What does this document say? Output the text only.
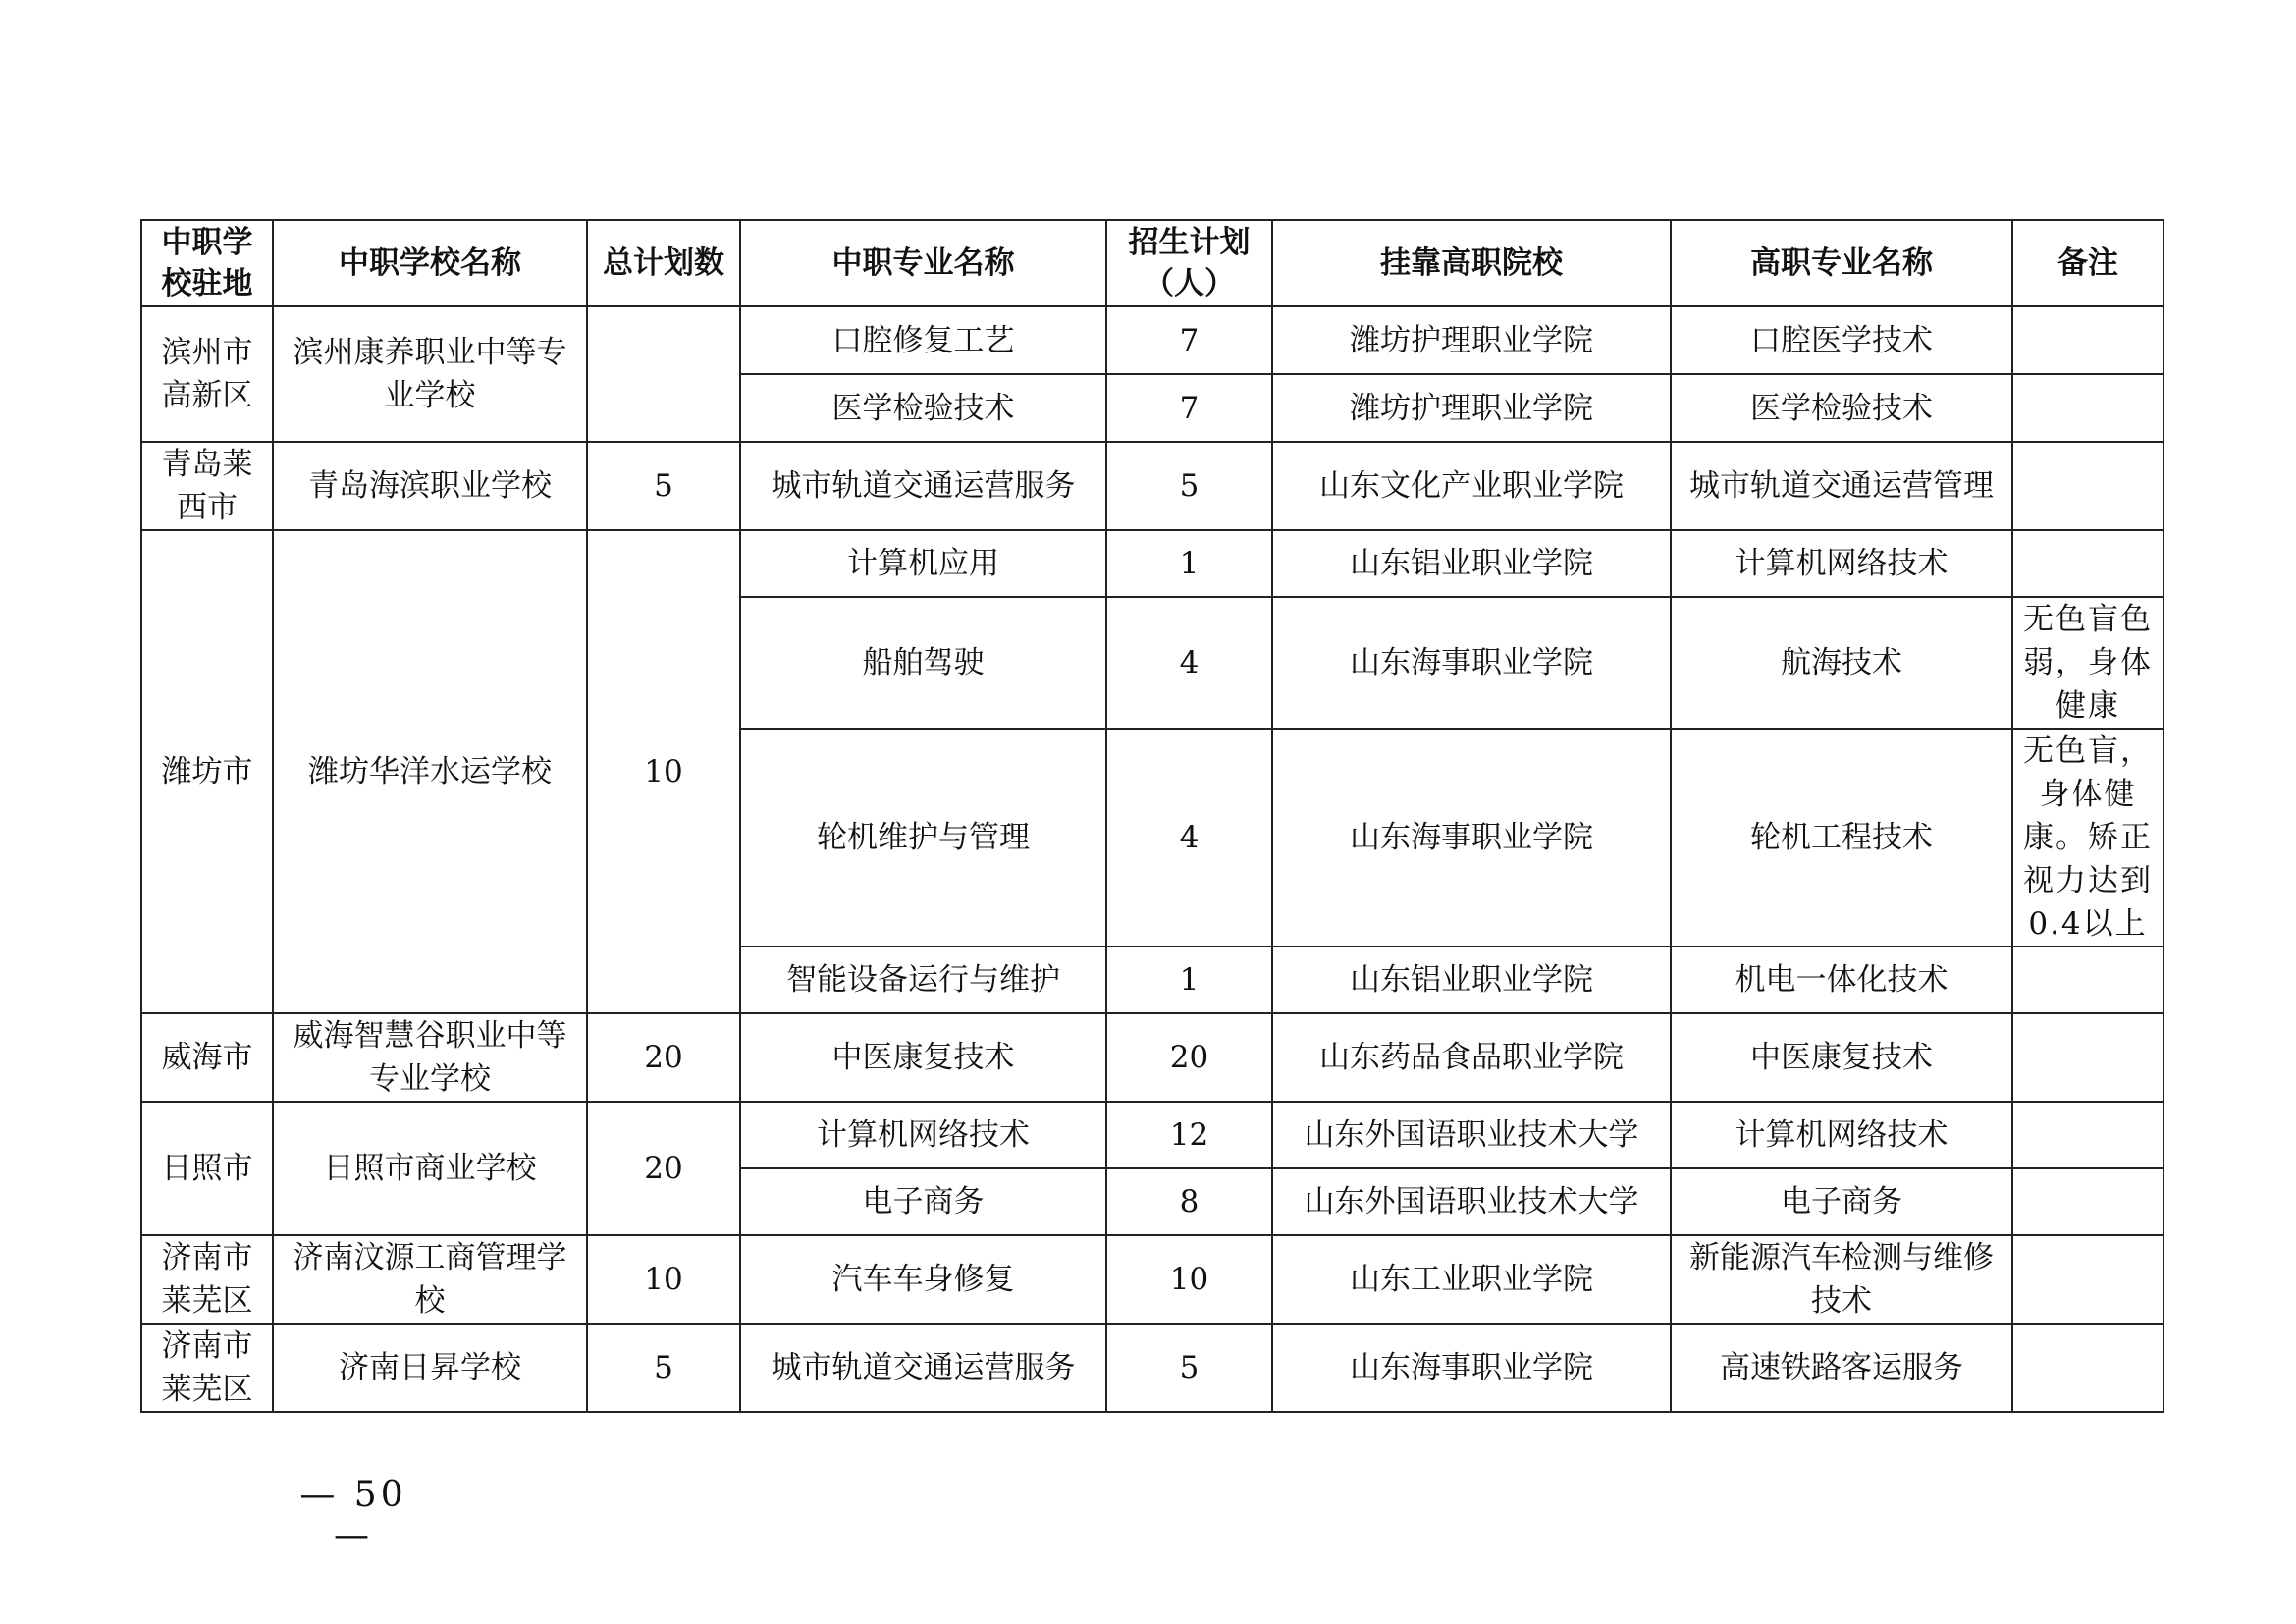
中职学校驻地	中职学校名称	总计划数	中职专业名称	招生计划（人）	挂靠高职院校	高职专业名称	备注
滨州市高新区	滨州康养职业中等专业学校		口腔修复工艺	7	潍坊护理职业学院	口腔医学技术	
			医学检验技术	7	潍坊护理职业学院	医学检验技术	
青岛莱西市	青岛海滨职业学校	5	城市轨道交通运营服务	5	山东文化产业职业学院	城市轨道交通运营管理	
潍坊市	潍坊华洋水运学校	10	计算机应用	1	山东铝业职业学院	计算机网络技术	
			船舶驾驶	4	山东海事职业学院	航海技术	无色盲色弱，身体健康
			轮机维护与管理	4	山东海事职业学院	轮机工程技术	无色盲，身体健康。矫正视力达到0.4以上
			智能设备运行与维护	1	山东铝业职业学院	机电一体化技术	
威海市	威海智慧谷职业中等专业学校	20	中医康复技术	20	山东药品食品职业学院	中医康复技术	
日照市	日照市商业学校	20	计算机网络技术	12	山东外国语职业技术大学	计算机网络技术	
			电子商务	8	山东外国语职业技术大学	电子商务	
济南市莱芜区	济南汶源工商管理学校	10	汽车车身修复	10	山东工业职业学院	新能源汽车检测与维修技术	
济南市莱芜区	济南日昇学校	5	城市轨道交通运营服务	5	山东海事职业学院	高速铁路客运服务	
— 50 —
